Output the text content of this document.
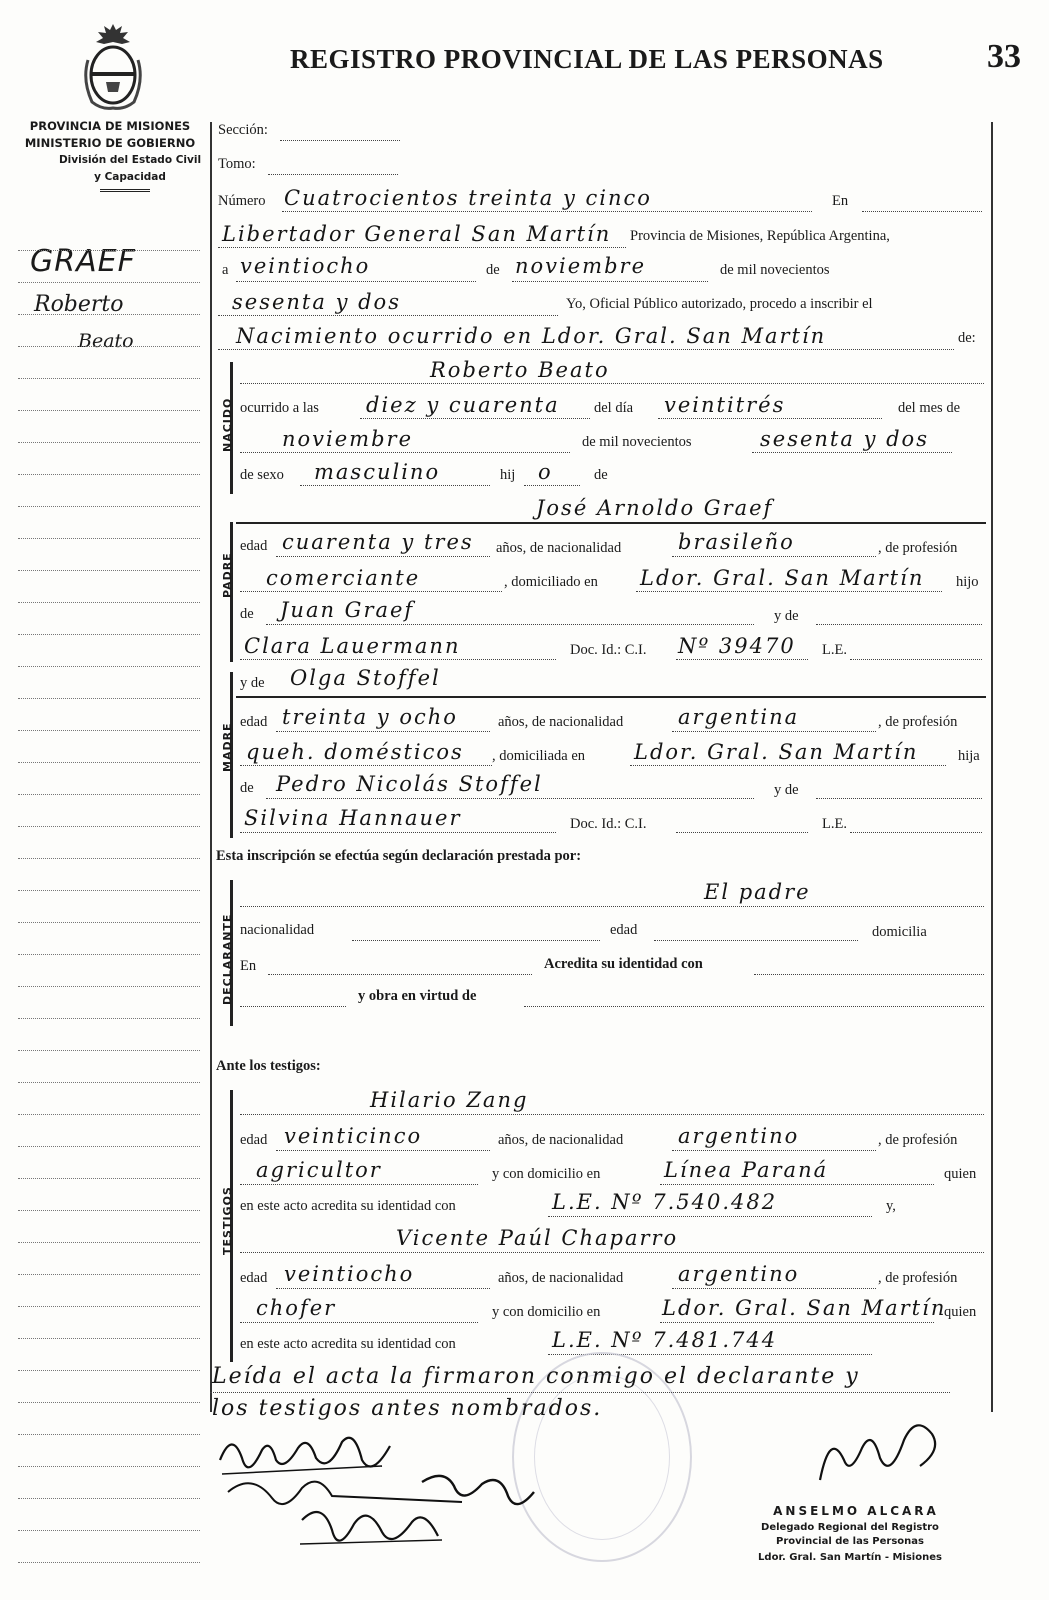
REGISTRO PROVINCIAL DE LAS PERSONAS	33
PROVINCIA DE MISIONES
MINISTERIO DE GOBIERNO
División del Estado Civil
y Capacidad
GRAEF
Roberto
Beato
Sección:
Tomo:
Número Cuatrocientos treinta y cinco	En
Libertador General San Martín Provincia de Misiones, República Argentina,
a veintiocho	de noviembre	de mil novecientos
sesenta y dos	Yo, Oficial Público autorizado, procedo a inscribir el
Nacimiento ocurrido en Ldor. Gral. San Martín	de:
NACIDO
Roberto Beato
ocurrido a las diez y cuarenta del día veintitrés	del mes de
noviembre	de mil novecientos	sesenta y dos
de sexo masculino	hij o	de
José Arnoldo Graef
PADRE
edad cuarenta y tres años, de nacionalidad	brasileño	, de profesión
comerciante	, domiciliado en Ldor. Gral. San Martín hijo
de Juan Graef	y de
Clara Lauermann	Doc. Id.: C.I. Nº 39470 L.E.
MADRE
y de Olga Stoffel
edad treinta y ocho	años, de nacionalidad	argentina	, de profesión
queh. domésticos , domiciliada en Ldor. Gral. San Martín	hija
de Pedro Nicolás Stoffel	y de
Silvina Hannauer	Doc. Id.: C.I.	L.E.
Esta inscripción se efectúa según declaración prestada por:
DECLARANTE
El padre
nacionalidad	edad	domicilia
En	Acredita su identidad con
y obra en virtud de
Ante los testigos:
TESTIGOS
Hilario Zang
edad veinticinco	años, de nacionalidad	argentino	, de profesión
agricultor	y con domicilio en	Línea Paraná	quien
en este acto acredita su identidad con	L.E. Nº 7.540.482	y,
Vicente Paúl Chaparro
edad veintiocho	años, de nacionalidad	argentino	, de profesión
chofer	y con domicilio en	Ldor. Gral. San Martín
quien
en este acto acredita su identidad con	L.E. Nº 7.481.744
Leída el acta la firmaron conmigo el declarante y
los testigos antes nombrados.
ANSELMO ALCARA
Delegado Regional del Registro
Provincial de las Personas
Ldor. Gral. San Martín - Misiones
